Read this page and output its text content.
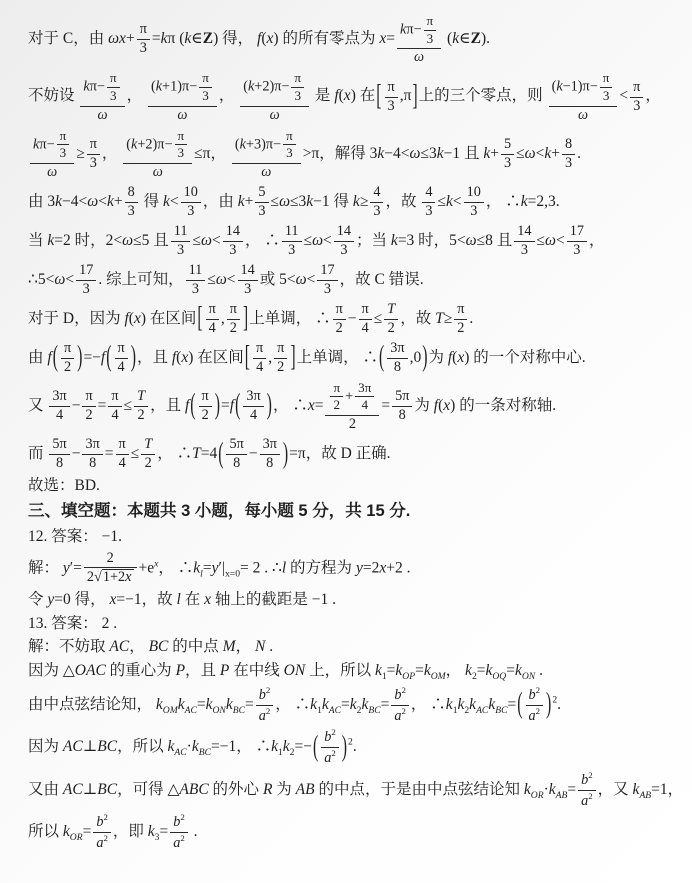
对于 C，由 $\omega x+ \frac{\pi}{3} =k\pi$ (k∈Z) 得， f(x) 的所有零点为 $x= \frac{k\pi- \frac{\pi}{3}}{\omega}$ (k∈Z).
不妨设 $\frac{k\pi- \frac{\pi}{3}}{\omega}$ ， $\frac{(k+1)\pi- \frac{\pi}{3}}{\omega}$ ， $\frac{(k+2)\pi- \frac{\pi}{3}}{\omega}$ 是 f(x) 在[ $\frac{\pi}{3} ,\pi$]上的三个零点，则 $\frac{(k-1)\pi- \frac{\pi}{3}}{\omega} < \frac{\pi}{3}$ ，
$\frac{k\pi- \frac{\pi}{3}}{\omega} \ge \frac{\pi}{3}$ ， $\frac{(k+2)\pi- \frac{\pi}{3}}{\omega} \le\pi$， $\frac{(k+3)\pi- \frac{\pi}{3}}{\omega} >\pi$，解得 3k−4<ω≤3k−1 且 $k+ \frac{5}{3} \le\omega<k+ \frac{8}{3}$ .
由 $3k-4<\omega<k+ \frac{8}{3}$ 得 $k< \frac{10}{3}$ ，由 $k+ \frac{5}{3} \le\omega\le 3k-1$ 得 $k\ge \frac{4}{3}$ ，故 $\frac{4}{3} \le k< \frac{10}{3}$ ， ∴k=2,3.
当 k=2 时，2<ω≤5 且 $\frac{11}{3} \le\omega< \frac{14}{3}$ ， ∴ $\frac{11}{3} \le\omega< \frac{14}{3}$ ；当 k=3 时，5<ω≤8 且 $\frac{14}{3} \le\omega< \frac{17}{3}$ ，
∴5<ω< $\frac{17}{3}$ . 综上可知， $\frac{11}{3} \le\omega< \frac{14}{3}$ 或 $5<\omega< \frac{17}{3}$ ，故 C 错误.
对于 D，因为 f(x) 在区间[ $\frac{\pi}{4}$ , $\frac{\pi}{2}$ ]上单调， ∴ $\frac{\pi}{2} - \frac{\pi}{4} \le \frac{T}{2}$ ，故 $T\ge \frac{\pi}{2}$ .
由 $f( \frac{\pi}{2} )=-f( \frac{\pi}{4}$ )，且 f(x) 在区间[ $\frac{\pi}{4}$ , $\frac{\pi}{2}$ ]上单调， ∴( $\frac{3\pi}{8} ,0$)为 f(x) 的一个对称中心.
又 $\frac{3\pi}{4} - \frac{\pi}{2} = \frac{\pi}{4} \le \frac{T}{2}$ ，且 $f( \frac{\pi}{2} )=f( \frac{3\pi}{4}$ )， ∴x= $\frac{\frac{\pi}{2} + \frac{3\pi}{4}}{2} = \frac{5\pi}{8}$ 为 f(x) 的一条对称轴.
而 $\frac{5\pi}{8} - \frac{3\pi}{8} = \frac{\pi}{4} \le \frac{T}{2}$ ， ∴T=4( $\frac{5\pi}{8} - \frac{3\pi}{8} )=\pi$，故 D 正确.
故选：BD.
三、填空题：本题共 3 小题，每小题 5 分，共 15 分.
12. 答案： −1.
解： $y'= \frac{2}{2√1+2x} +e^x$， $\therefore k_l=y'|_{x=0}= 2$ . ∴l 的方程为 y=2x+2 .
令 y=0 得， x=−1，故 l 在 x 轴上的截距是 −1 .
13. 答案： 2 .
解：不妨取 AC， BC 的中点 M， N .
因为 △OAC 的重心为 P，且 P 在中线 ON 上，所以 $k_1=k_{OP}=k_{OM}$， $k_2=k_{OQ}=k_{ON}$ .
由中点弦结论知， $k_{OM}k_{AC}=k_{ON}k_{BC}= \frac{b^2}{a^2}$ ， $\therefore k_1k_{AC}=k_2k_{BC}= \frac{b^2}{a^2}$ ， $\therefore k_1k_2k_{AC}k_{BC}=( \frac{b^2}{a^2} )^2$.
因为 AC⊥BC，所以 $k_{AC}\cdot k_{BC}=-1$， $\therefore k_1k_2=-( \frac{b^2}{a^2} )^2$.
又由 AC⊥BC，可得 △ABC 的外心 R 为 AB 的中点，于是由中点弦结论知 $k_{OR}\cdot k_{AB}= \frac{b^2}{a^2}$ ，又 $k_{AB}=1$，
所以 $k_{OR}= \frac{b^2}{a^2}$ ，即 $k_3= \frac{b^2}{a^2}$ .
